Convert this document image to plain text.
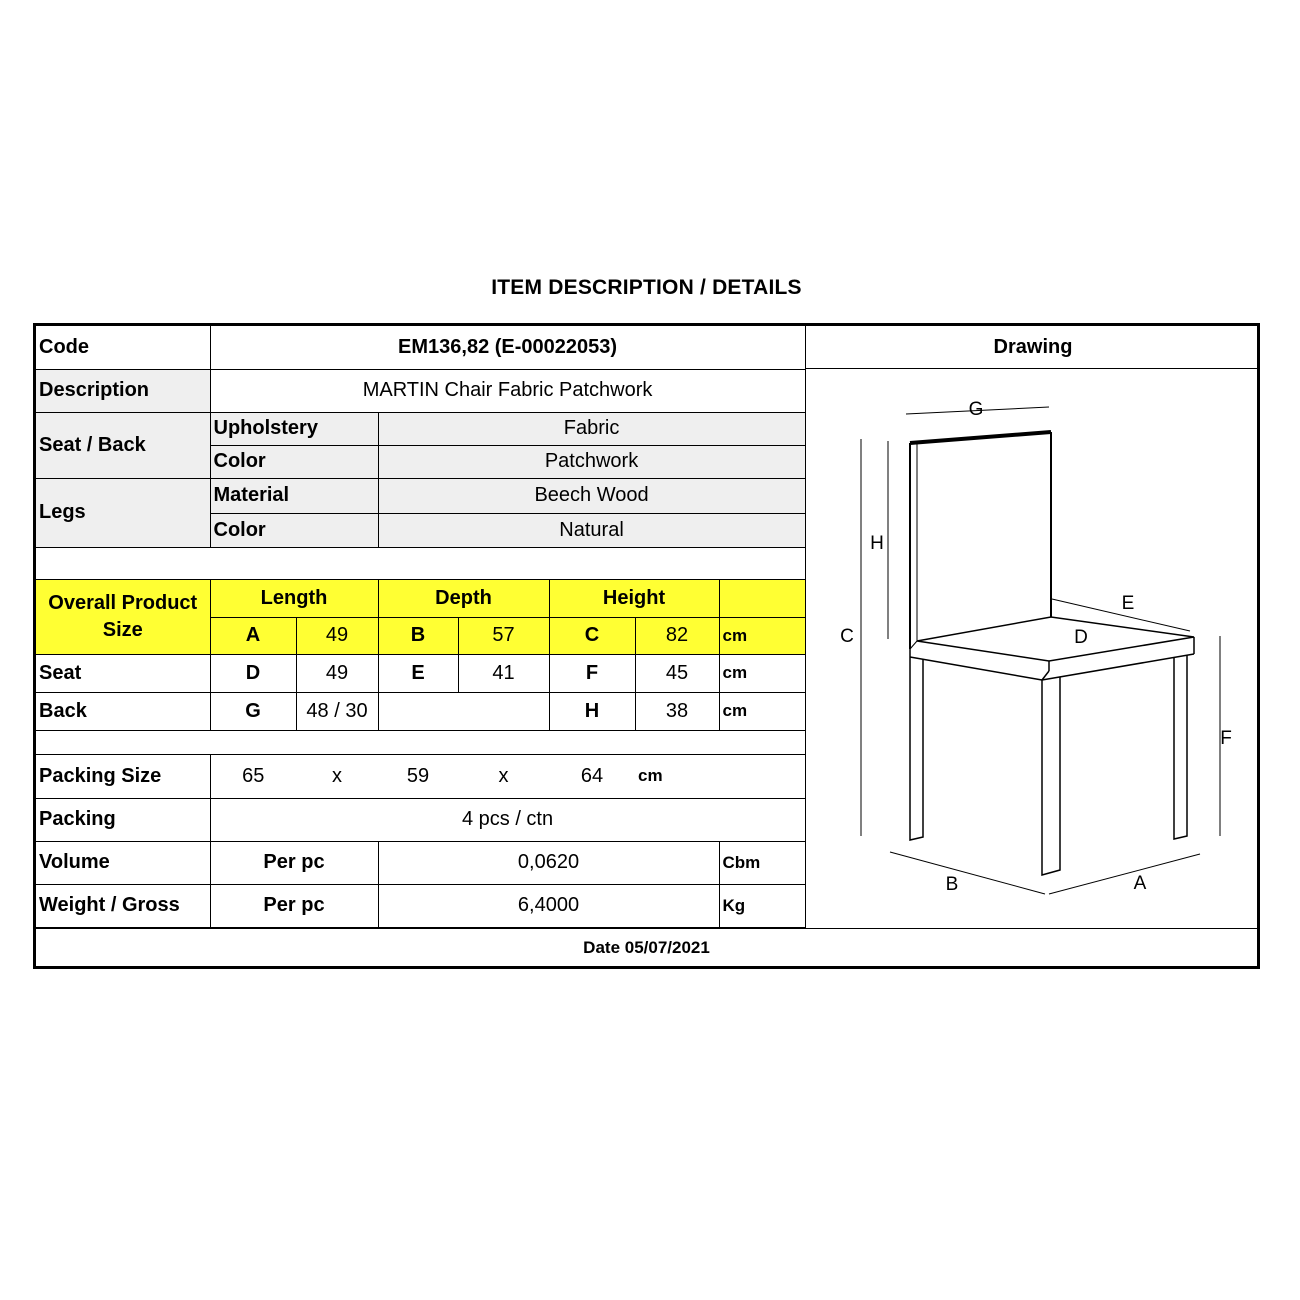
ITEM DESCRIPTION / DETAILS
Code	EM136,82 (E-00022053)						
Description	MARTIN Chair Fabric Patchwork						
Seat / Back	Upholstery		Fabric				
	Color		Patchwork				
Legs	Material		Beech Wood				
	Color		Natural				

Overall Product Size	Length		Depth		Height		
	A	49	B	57	C	82	cm
Seat	D	49	E	41	F	45	cm
Back	G	48 / 30			H	38	cm

Packing Size	65	x	59	x	64	cm	
Packing	4 pcs / ctn						
Volume	Per pc		0,0620				Cbm
Weight / Gross	Per pc		6,4000				Kg
Drawing
G
H
C
E
D
F
B	A
Date 05/07/2021
